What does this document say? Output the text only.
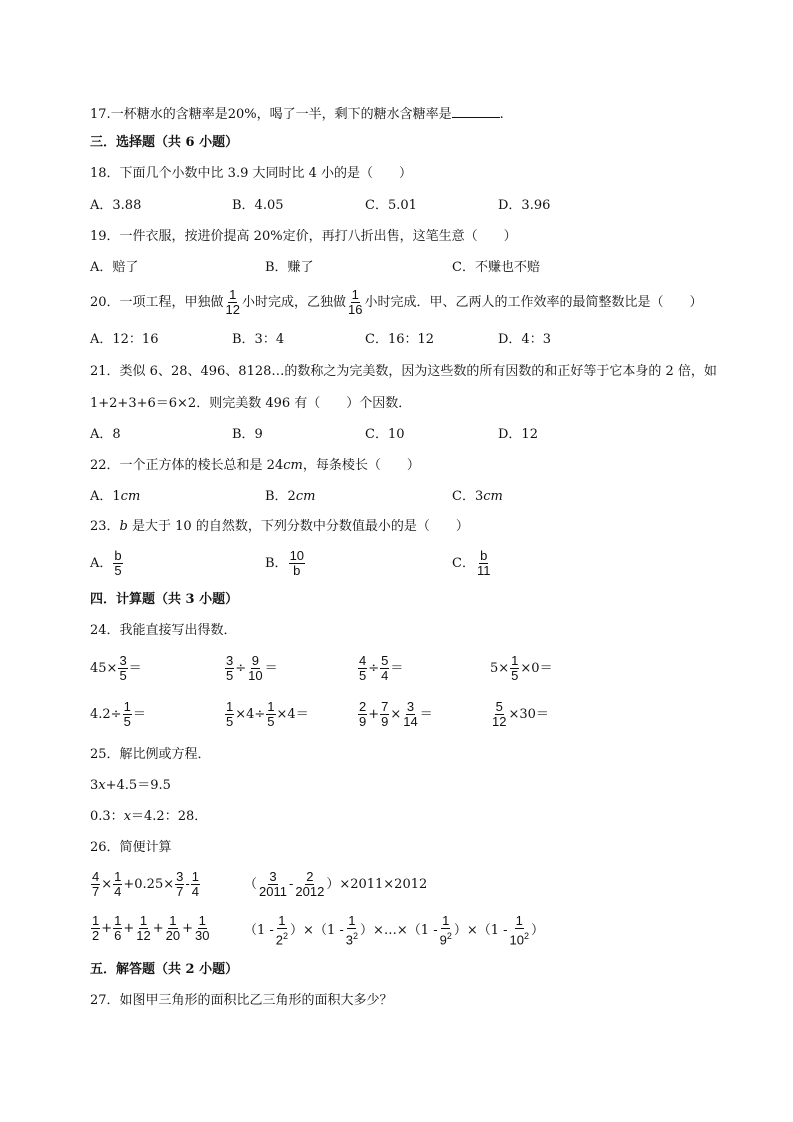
17.一杯糖水的含糖率是20%，喝了一半，剩下的糖水含糖率是	.
三．选择题（共 6 小题）
18．下面几个小数中比 3.9 大同时比 4 小的是（　　）
A．3.88	B．4.05	C．5.01	D．3.96
19．一件衣服，按进价提高 20%定价，再打八折出售，这笔生意（　　）
A．赔了	B．赚了	C．不赚也不赔
20．一项工程，甲独做 $\frac{1}{12}$ 小时完成，乙独做 $\frac{1}{16}$ 小时完成．甲、乙两人的工作效率的最简整数比是（　　）
A．12：16	B．3：4	C．16：12	D．4：3
21．类似 6、28、496、8128…的数称之为完美数，因为这些数的所有因数的和正好等于它本身的 2 倍，如
1+2+3+6＝6×2．则完美数 496 有（　　）个因数．
A．8	B．9	C．10	D．12
22．一个正方体的棱长总和是 24cm，每条棱长（　　）
A．1cm	B．2cm	C．3cm
23．b 是大于 10 的自然数，下列分数中分数值最小的是（　　）
A． $\frac{b}{5}$	B． $\frac{10}{b}$	C． $\frac{b}{11}$
四．计算题（共 3 小题）
24．我能直接写出得数．
$45\times \frac{3}{5}$ ＝	$\frac{3}{5} \div \frac{9}{10}$ ＝	$\frac{4}{5} \div \frac{5}{4}$ ＝	$5\times \frac{1}{5} \times 0=$
$4.2\div \frac{1}{5}$ ＝	$\frac{1}{5} \times 4\div \frac{1}{5} \times 4=$	$\frac{2}{9} + \frac{7}{9} \times \frac{3}{14}$ ＝	$\frac{5}{12} \times 30=$
25．解比例或方程．
3x+4.5＝9.5
0.3：x＝4.2：28．
26．简便计算
$\frac{4}{7} \times \frac{1}{4} +0.25\times \frac{3}{7} - \frac{1}{4}$	（ $\frac{3}{2011} - \frac{2}{2012} )\times 2011\times 2012$
$\frac{1}{2} + \frac{1}{6} + \frac{1}{12} + \frac{1}{20} + \frac{1}{30}$	$(1 - \frac{1}{2^2} )\times(1 - \frac{1}{3^2}$ ）×…×（1 - $\frac{1}{9^2} )\times(1 - \frac{1}{10^2}$ ）
五．解答题（共 2 小题）
27．如图甲三角形的面积比乙三角形的面积大多少？
